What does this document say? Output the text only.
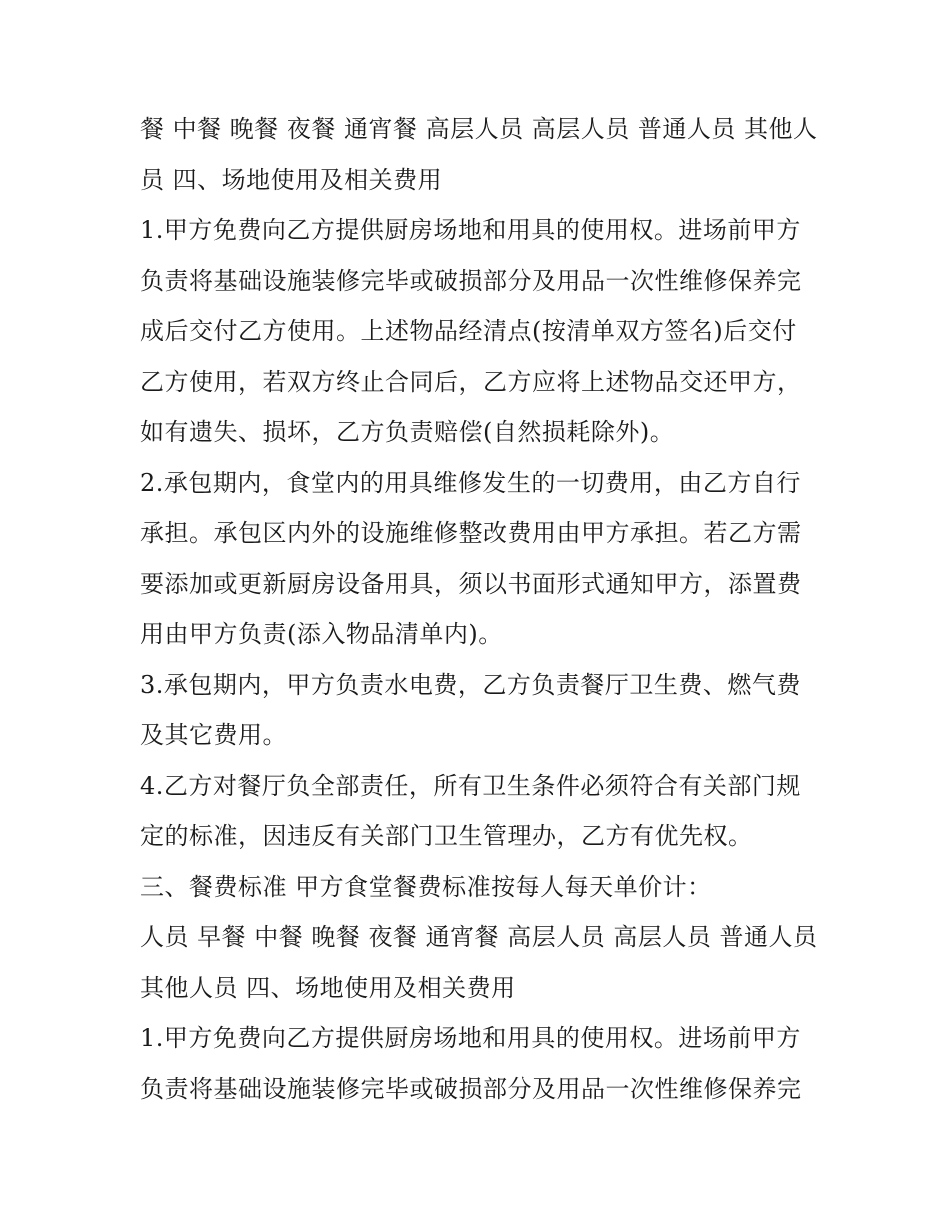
餐 中餐 晚餐 夜餐 通宵餐 高层人员 高层人员 普通人员 其他人员 四、场地使用及相关费用

1.甲方免费向乙方提供厨房场地和用具的使用权。进场前甲方负责将基础设施装修完毕或破损部分及用品一次性维修保养完成后交付乙方使用。上述物品经清点(按清单双方签名)后交付乙方使用，若双方终止合同后，乙方应将上述物品交还甲方，如有遗失、损坏，乙方负责赔偿(自然损耗除外)。

2.承包期内，食堂内的用具维修发生的一切费用，由乙方自行承担。承包区内外的设施维修整改费用由甲方承担。若乙方需要添加或更新厨房设备用具，须以书面形式通知甲方，添置费用由甲方负责(添入物品清单内)。

3.承包期内，甲方负责水电费，乙方负责餐厅卫生费、燃气费及其它费用。

4.乙方对餐厅负全部责任，所有卫生条件必须符合有关部门规定的标准，因违反有关部门卫生管理办，乙方有优先权。

三、餐费标准 甲方食堂餐费标准按每人每天单价计：

人员 早餐 中餐 晚餐 夜餐 通宵餐 高层人员 高层人员 普通人员 其他人员 四、场地使用及相关费用

1.甲方免费向乙方提供厨房场地和用具的使用权。进场前甲方负责将基础设施装修完毕或破损部分及用品一次性维修保养完
